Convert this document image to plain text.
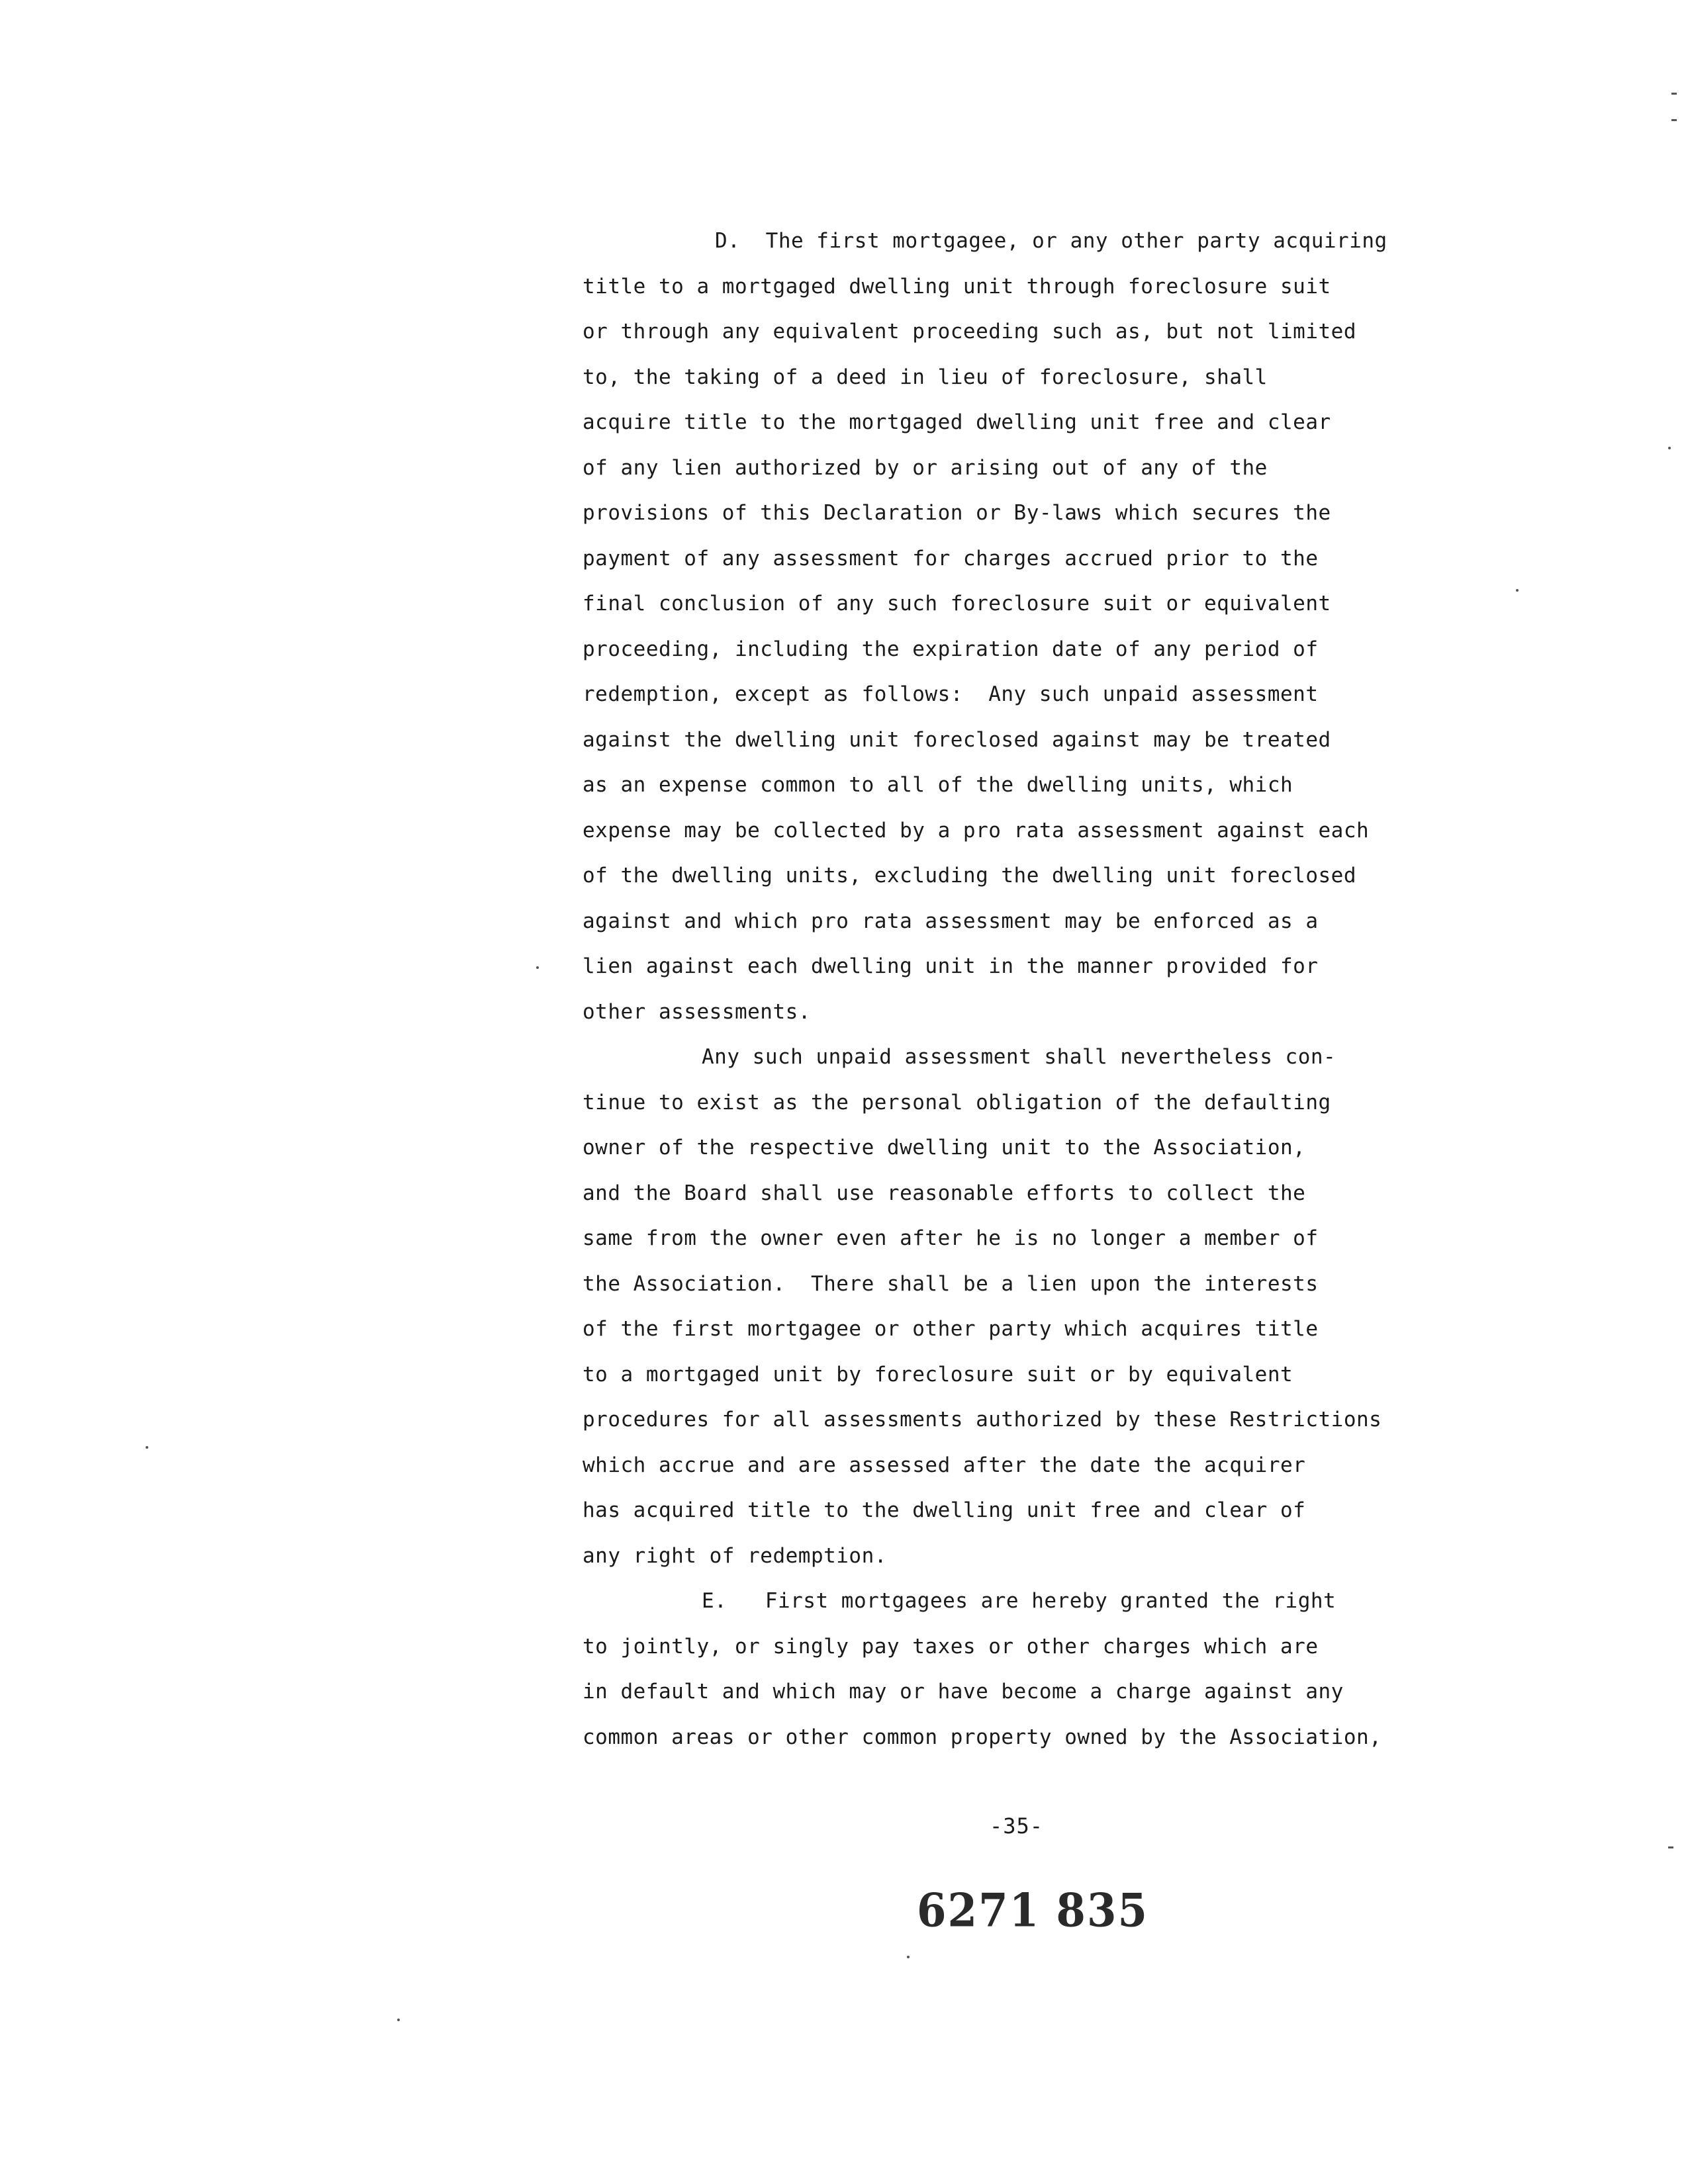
D.  The first mortgagee, or any other party acquiring
title to a mortgaged dwelling unit through foreclosure suit
or through any equivalent proceeding such as, but not limited
to, the taking of a deed in lieu of foreclosure, shall
acquire title to the mortgaged dwelling unit free and clear
of any lien authorized by or arising out of any of the
provisions of this Declaration or By-laws which secures the
payment of any assessment for charges accrued prior to the
final conclusion of any such foreclosure suit or equivalent
proceeding, including the expiration date of any period of
redemption, except as follows:  Any such unpaid assessment
against the dwelling unit foreclosed against may be treated
as an expense common to all of the dwelling units, which
expense may be collected by a pro rata assessment against each
of the dwelling units, excluding the dwelling unit foreclosed
against and which pro rata assessment may be enforced as a
lien against each dwelling unit in the manner provided for
other assessments.
Any such unpaid assessment shall nevertheless con-
tinue to exist as the personal obligation of the defaulting
owner of the respective dwelling unit to the Association,
and the Board shall use reasonable efforts to collect the
same from the owner even after he is no longer a member of
the Association.  There shall be a lien upon the interests
of the first mortgagee or other party which acquires title
to a mortgaged unit by foreclosure suit or by equivalent
procedures for all assessments authorized by these Restrictions
which accrue and are assessed after the date the acquirer
has acquired title to the dwelling unit free and clear of
any right of redemption.
E.   First mortgagees are hereby granted the right
to jointly, or singly pay taxes or other charges which are
in default and which may or have become a charge against any
common areas or other common property owned by the Association,
-35-
6271 835
